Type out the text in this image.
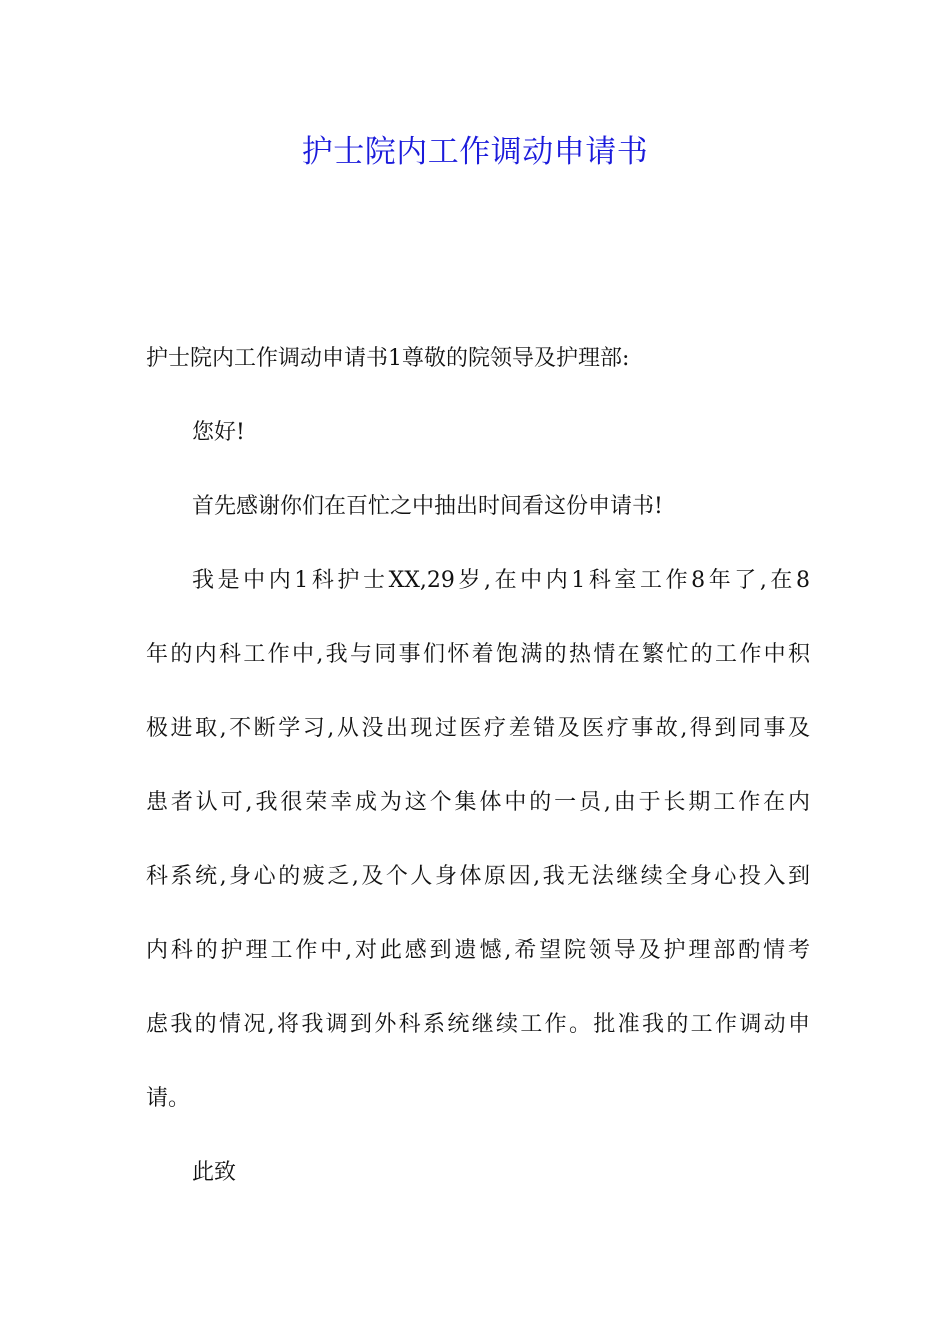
护士院内工作调动申请书
护士院内工作调动申请书1尊敬的院领导及护理部:
您好!
首先感谢你们在百忙之中抽出时间看这份申请书!
我是中内1科护士XX,29岁,在中内1科室工作8年了,在8
年的内科工作中,我与同事们怀着饱满的热情在繁忙的工作中积
极进取,不断学习,从没出现过医疗差错及医疗事故,得到同事及
患者认可,我很荣幸成为这个集体中的一员,由于长期工作在内
科系统,身心的疲乏,及个人身体原因,我无法继续全身心投入到
内科的护理工作中,对此感到遗憾,希望院领导及护理部酌情考
虑我的情况,将我调到外科系统继续工作。批准我的工作调动申
请。
此致
